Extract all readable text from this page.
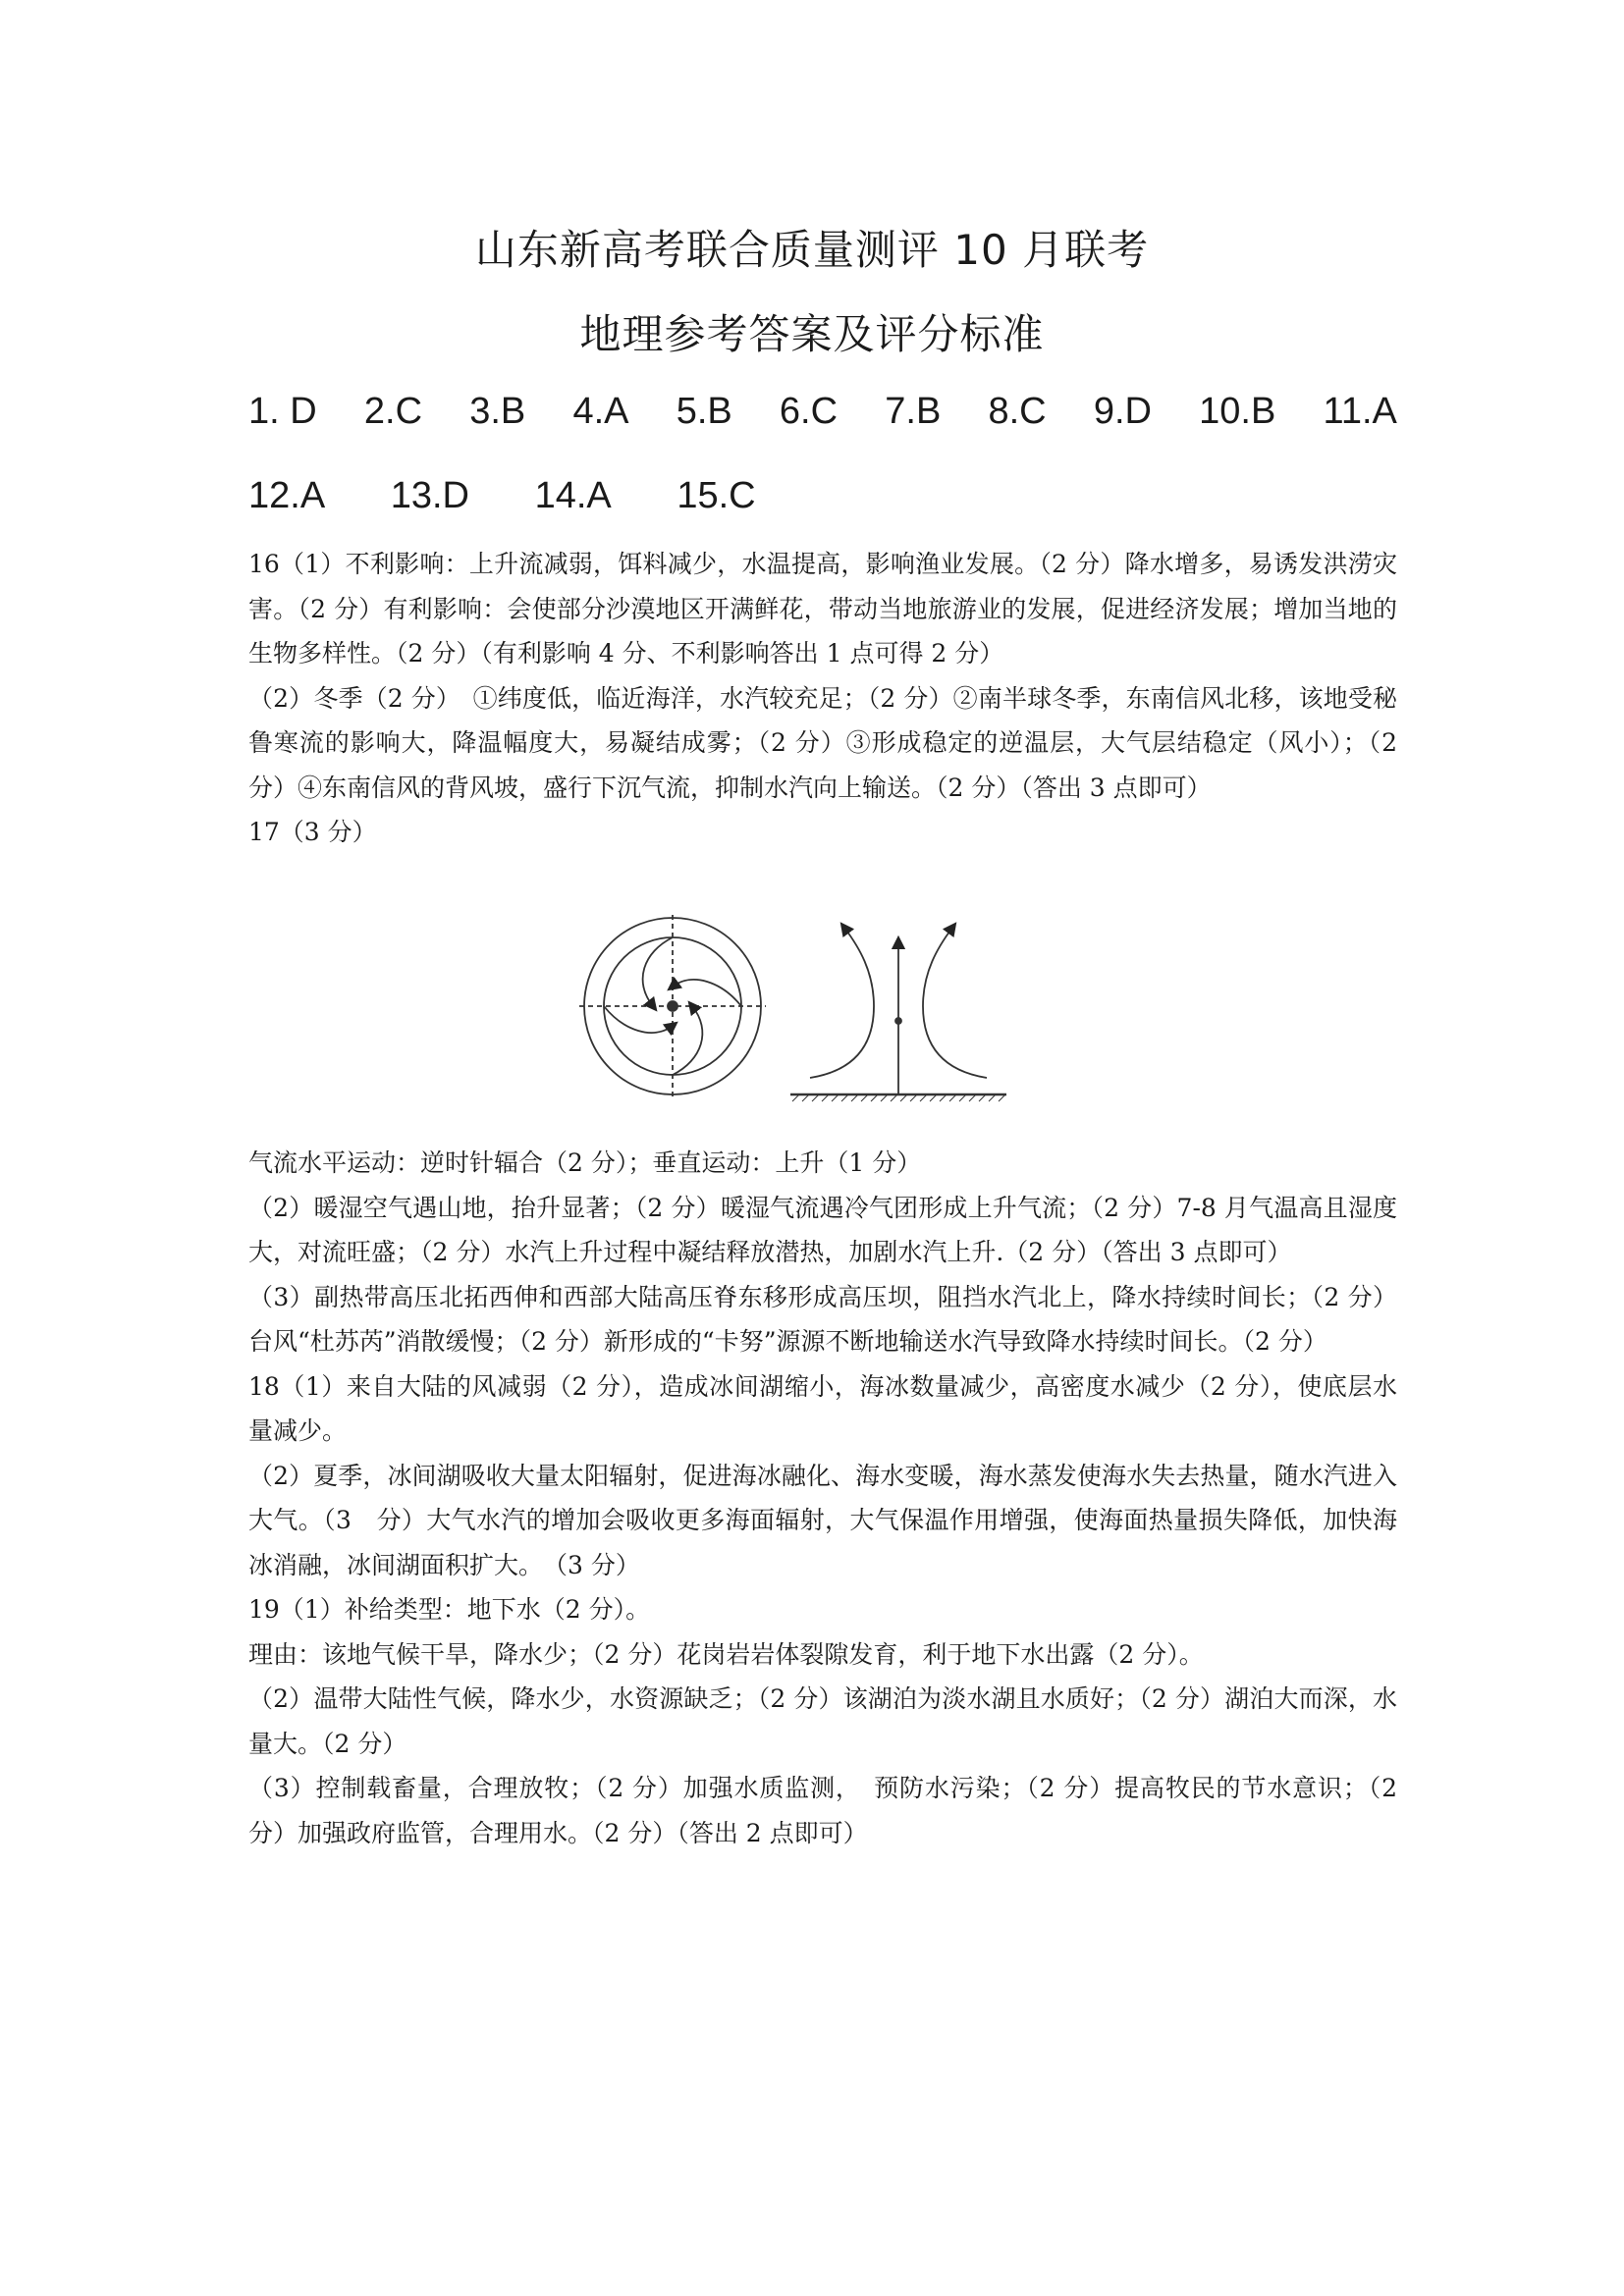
山东新高考联合质量测评 10 月联考
地理参考答案及评分标准
1. D 2.C 3.B 4.A 5.B 6.C 7.B 8.C 9.D 10.B 11.A
12.A 13.D 14.A 15.C

16（1）不利影响：上升流减弱，饵料减少，水温提高，影响渔业发展。（2 分）降水增多，易诱发洪涝灾害。（2 分）有利影响：会使部分沙漠地区开满鲜花，带动当地旅游业的发展，促进经济发展；增加当地的生物多样性。（2 分）（有利影响 4 分、不利影响答出 1 点可得 2 分）

（2）冬季（2 分）　①纬度低，临近海洋，水汽较充足；（2 分）②南半球冬季，东南信风北移，该地受秘鲁寒流的影响大，降温幅度大，易凝结成雾；（2 分）③形成稳定的逆温层，大气层结稳定（风小）；（2 分）④东南信风的背风坡，盛行下沉气流，抑制水汽向上输送。（2 分）（答出 3 点即可）

17（3 分）

气流水平运动：逆时针辐合（2 分）；垂直运动：上升（1 分）

（2）暖湿空气遇山地，抬升显著；（2 分）暖湿气流遇冷气团形成上升气流；（2 分）7-8 月气温高且湿度大，对流旺盛；（2 分）水汽上升过程中凝结释放潜热，加剧水汽上升.（2 分）（答出 3 点即可）

（3）副热带高压北拓西伸和西部大陆高压脊东移形成高压坝，阻挡水汽北上，降水持续时间长；（2 分）台风“杜苏芮”消散缓慢；（2 分）新形成的“卡努”源源不断地输送水汽导致降水持续时间长。（2 分）

18（1）来自大陆的风减弱（2 分），造成冰间湖缩小，海冰数量减少，高密度水减少（2 分），使底层水量减少。

（2）夏季，冰间湖吸收大量太阳辐射，促进海冰融化、海水变暖，海水蒸发使海水失去热量，随水汽进入大气。（3　分）大气水汽的增加会吸收更多海面辐射，大气保温作用增强，使海面热量损失降低，加快海冰消融，冰间湖面积扩大。　（3 分）

19（1）补给类型：地下水（2 分）。

理由：该地气候干旱，降水少；（2 分）花岗岩岩体裂隙发育，利于地下水出露（2 分）。

（2）温带大陆性气候，降水少，水资源缺乏；（2 分）该湖泊为淡水湖且水质好；（2 分）湖泊大而深，水量大。（2 分）

（3）控制载畜量，合理放牧；（2 分）加强水质监测，　预防水污染；（2 分）提高牧民的节水意识；（2 分）加强政府监管，合理用水。（2 分）（答出 2 点即可）
